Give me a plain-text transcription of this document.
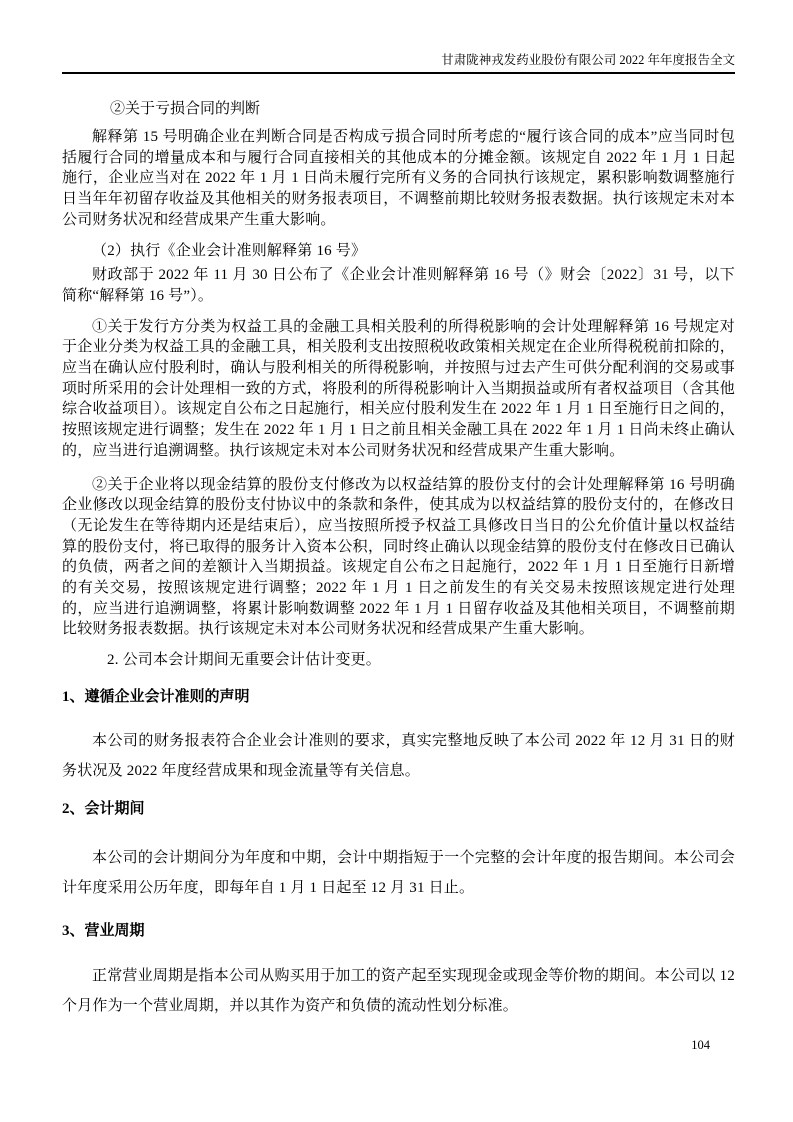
甘肃陇神戎发药业股份有限公司 2022 年年度报告全文
②关于亏损合同的判断

解释第 15 号明确企业在判断合同是否构成亏损合同时所考虑的“履行该合同的成本”应当同时包括履行合同的增量成本和与履行合同直接相关的其他成本的分摊金额。该规定自 2022 年 1 月 1 日起施行，企业应当对在 2022 年 1 月 1 日尚未履行完所有义务的合同执行该规定，累积影响数调整施行日当年年初留存收益及其他相关的财务报表项目，不调整前期比较财务报表数据。执行该规定未对本公司财务状况和经营成果产生重大影响。

（2）执行《企业会计准则解释第 16 号》

财政部于 2022 年 11 月 30 日公布了《企业会计准则解释第 16 号（》财会〔2022〕31 号，以下简称“解释第 16 号”）。

①关于发行方分类为权益工具的金融工具相关股利的所得税影响的会计处理解释第 16 号规定对于企业分类为权益工具的金融工具，相关股利支出按照税收政策相关规定在企业所得税税前扣除的，应当在确认应付股利时，确认与股利相关的所得税影响，并按照与过去产生可供分配利润的交易或事项时所采用的会计处理相一致的方式，将股利的所得税影响计入当期损益或所有者权益项目（含其他综合收益项目）。该规定自公布之日起施行，相关应付股利发生在 2022 年 1 月 1 日至施行日之间的，按照该规定进行调整；发生在 2022 年 1 月 1 日之前且相关金融工具在 2022 年 1 月 1 日尚未终止确认的，应当进行追溯调整。执行该规定未对本公司财务状况和经营成果产生重大影响。

②关于企业将以现金结算的股份支付修改为以权益结算的股份支付的会计处理解释第 16 号明确企业修改以现金结算的股份支付协议中的条款和条件，使其成为以权益结算的股份支付的，在修改日（无论发生在等待期内还是结束后），应当按照所授予权益工具修改日当日的公允价值计量以权益结算的股份支付，将已取得的服务计入资本公积，同时终止确认以现金结算的股份支付在修改日已确认的负债，两者之间的差额计入当期损益。该规定自公布之日起施行，2022 年 1 月 1 日至施行日新增的有关交易，按照该规定进行调整；2022 年 1 月 1 日之前发生的有关交易未按照该规定进行处理的，应当进行追溯调整，将累计影响数调整 2022 年 1 月 1 日留存收益及其他相关项目，不调整前期比较财务报表数据。执行该规定未对本公司财务状况和经营成果产生重大影响。

2. 公司本会计期间无重要会计估计变更。

1、遵循企业会计准则的声明

本公司的财务报表符合企业会计准则的要求，真实完整地反映了本公司 2022 年 12 月 31 日的财务状况及 2022 年度经营成果和现金流量等有关信息。

2、会计期间

本公司的会计期间分为年度和中期，会计中期指短于一个完整的会计年度的报告期间。本公司会计年度采用公历年度，即每年自 1 月 1 日起至 12 月 31 日止。

3、营业周期

正常营业周期是指本公司从购买用于加工的资产起至实现现金或现金等价物的期间。本公司以 12 个月作为一个营业周期，并以其作为资产和负债的流动性划分标准。

104
